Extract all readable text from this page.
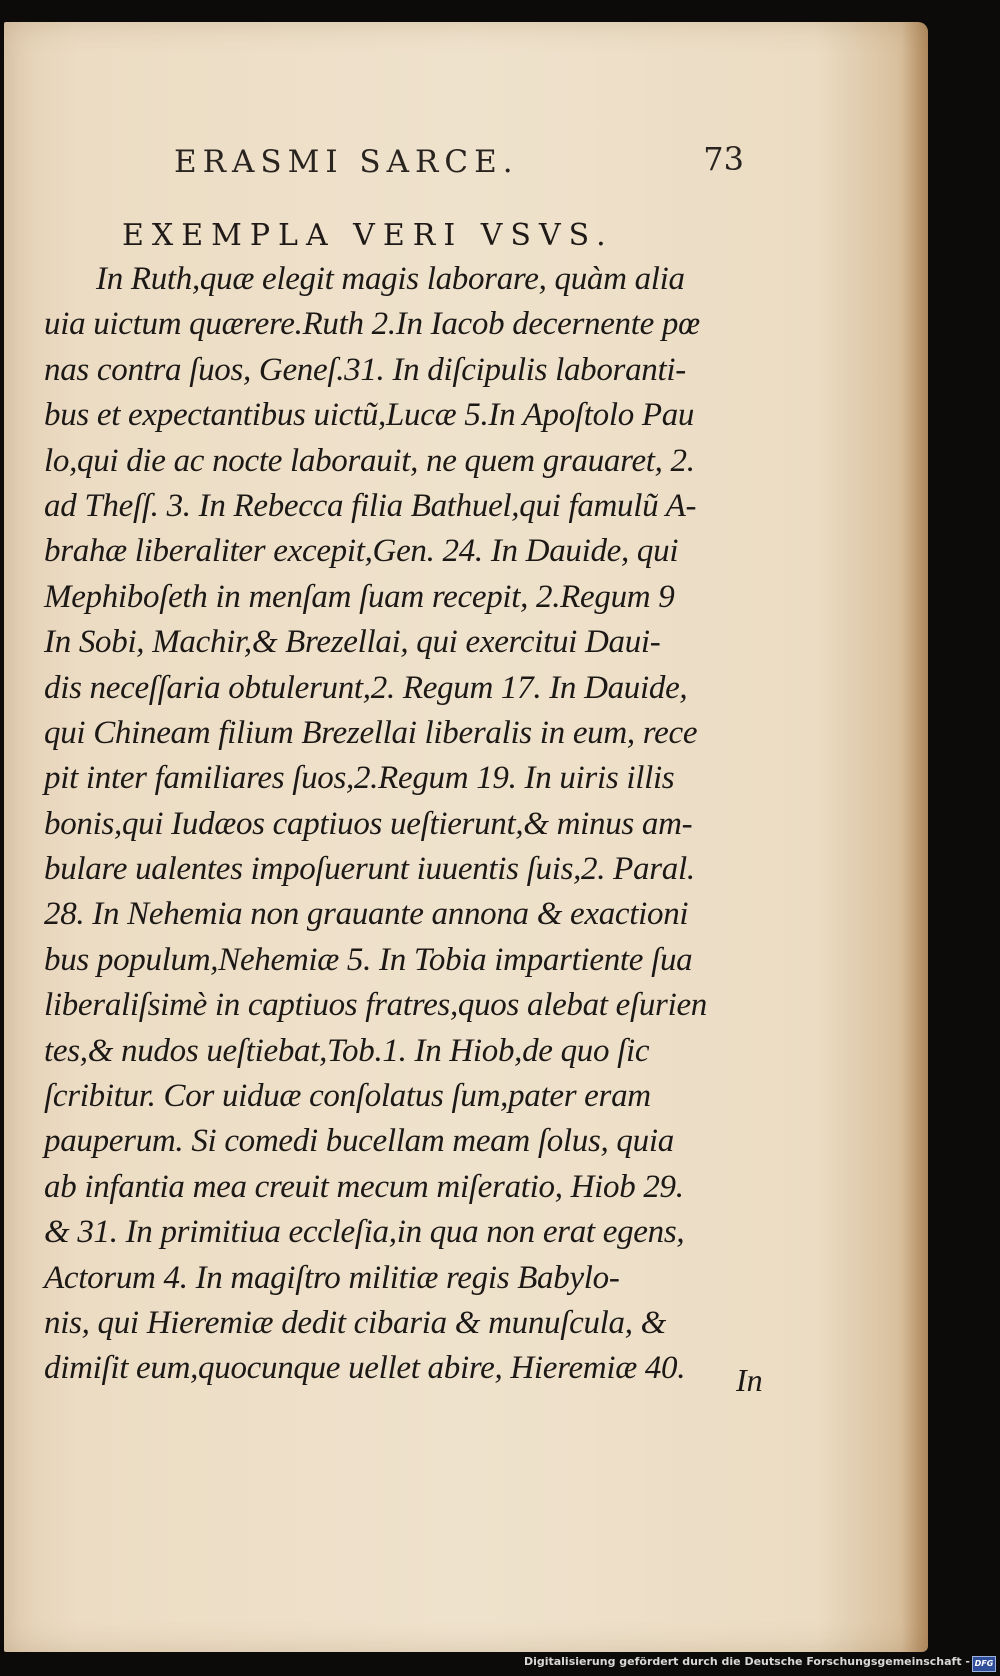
ERASMI SARCE.	73
EXEMPLA VERI VSVS.
In Ruth,quæ elegit magis laborare, quàm alia
uia uictum quærere.Ruth 2.In Iacob decernente pœ
nas contra ſuos, Geneſ.31. In diſcipulis laboranti-
bus et expectantibus uictũ,Lucæ 5.In Apoſtolo Pau
lo,qui die ac nocte laborauit, ne quem grauaret, 2.
ad Theſſ. 3. In Rebecca filia Bathuel,qui famulũ A-
brahæ liberaliter excepit,Gen. 24. In Dauide, qui
Mephiboſeth in menſam ſuam recepit, 2.Regum 9
In Sobi, Machir,& Brezellai, qui exercitui Daui-
dis neceſſaria obtulerunt,2. Regum 17. In Dauide,
qui Chineam filium Brezellai liberalis in eum, rece
pit inter familiares ſuos,2.Regum 19. In uiris illis
bonis,qui Iudæos captiuos ueſtierunt,& minus am-
bulare ualentes impoſuerunt iuuentis ſuis,2. Paral.
28. In Nehemia non grauante annona & exactioni
bus populum,Nehemiæ 5. In Tobia impartiente ſua
liberaliſsimè in captiuos fratres,quos alebat eſurien
tes,& nudos ueſtiebat,Tob.1. In Hiob,de quo ſic
ſcribitur. Cor uiduæ conſolatus ſum,pater eram
pauperum. Si comedi bucellam meam ſolus, quia
ab infantia mea creuit mecum miſeratio, Hiob 29.
& 31. In primitiua eccleſia,in qua non erat egens,
Actorum 4. In magiſtro militiæ regis Babylo-
nis, qui Hieremiæ dedit cibaria & munuſcula, &
dimiſit eum,quocunque uellet abire, Hieremiæ 40.	In
Digitalisierung gefördert durch die Deutsche Forschungsgemeinschaft - DFG
